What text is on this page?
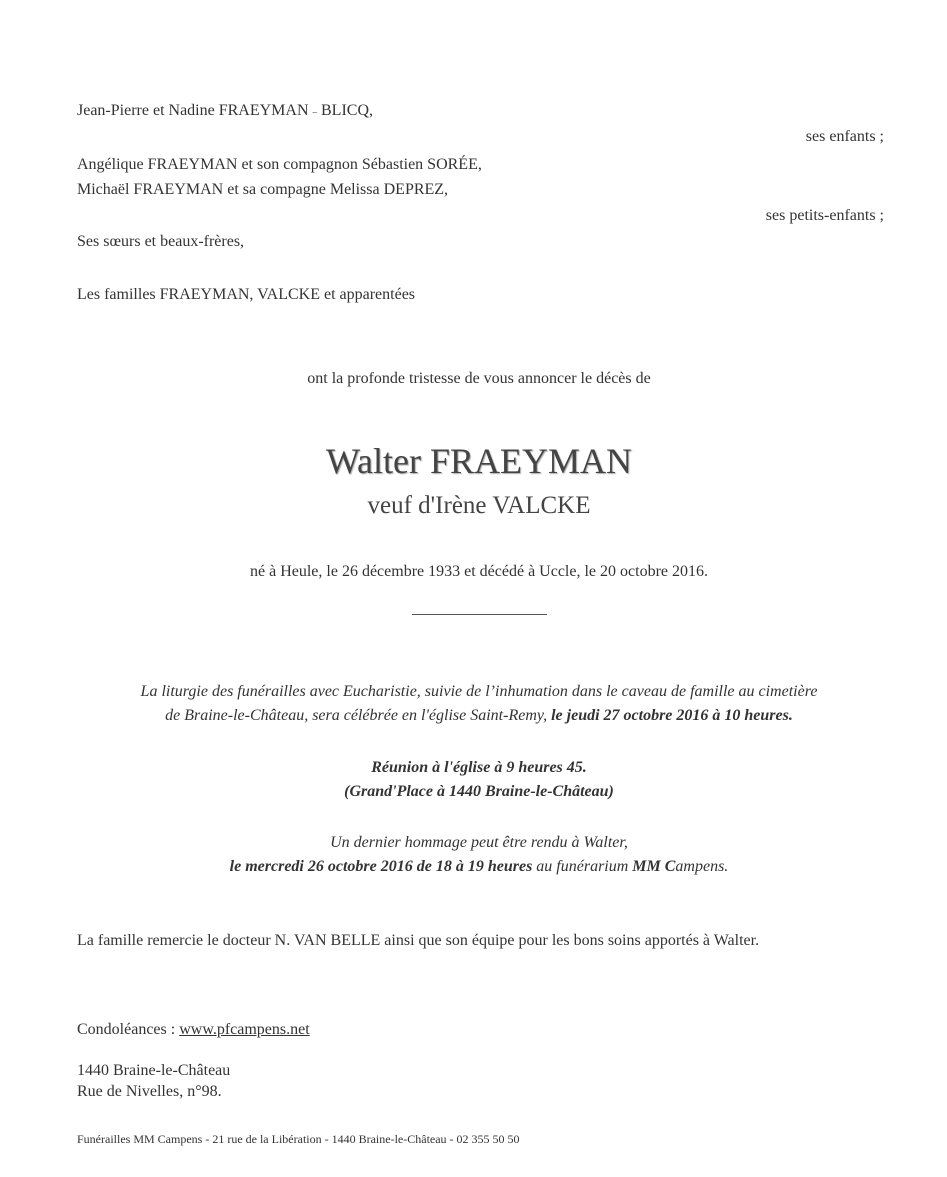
Jean-Pierre et Nadine FRAEYMAN – BLICQ,
ses enfants ;
Angélique FRAEYMAN et son compagnon Sébastien SORÉE,
Michaël FRAEYMAN et sa compagne Melissa DEPREZ,
ses petits-enfants ;
Ses sœurs et beaux-frères,
Les familles FRAEYMAN, VALCKE et apparentées
ont la profonde tristesse de vous annoncer le décès de
Walter FRAEYMAN
veuf d'Irène VALCKE
né à Heule, le 26 décembre 1933 et décédé à Uccle, le 20 octobre 2016.
La liturgie des funérailles avec Eucharistie, suivie de l’inhumation dans le caveau de famille au cimetière
de Braine-le-Château, sera célébrée en l'église Saint-Remy, le jeudi 27 octobre 2016 à 10 heures.
Réunion à l'église à 9 heures 45.
(Grand'Place à 1440 Braine-le-Château)
Un dernier hommage peut être rendu à Walter,
le mercredi 26 octobre 2016 de 18 à 19 heures au funérarium MM Campens.
La famille remercie le docteur N. VAN BELLE ainsi que son équipe pour les bons soins apportés à Walter.
Condoléances : www.pfcampens.net
1440 Braine-le-Château
Rue de Nivelles, n°98.
Funérailles MM Campens - 21 rue de la Libération - 1440 Braine-le-Château - 02 355 50 50
